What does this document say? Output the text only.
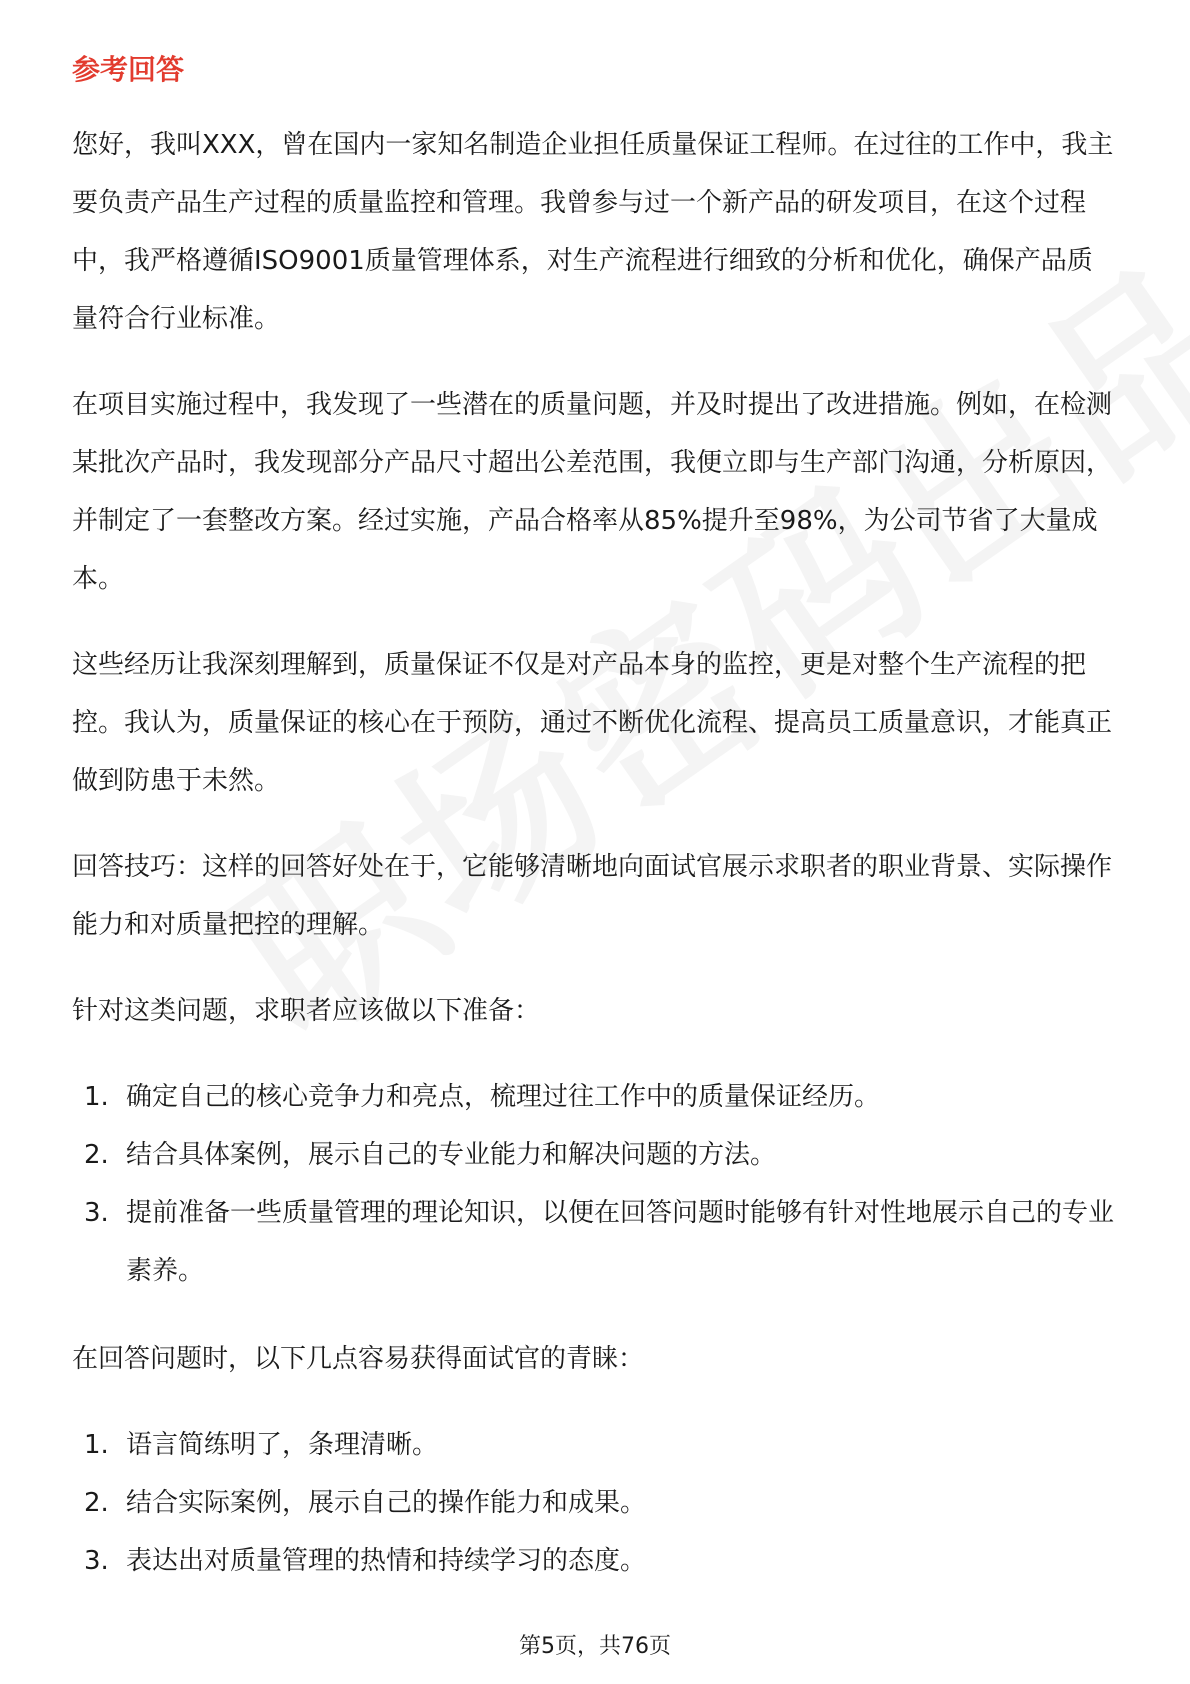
参考回答

您好，我叫XXX，曾在国内一家知名制造企业担任质量保证工程师。在过往的工作中，我主要负责产品生产过程的质量监控和管理。我曾参与过一个新产品的研发项目，在这个过程中，我严格遵循ISO9001质量管理体系，对生产流程进行细致的分析和优化，确保产品质量符合行业标准。

在项目实施过程中，我发现了一些潜在的质量问题，并及时提出了改进措施。例如，在检测某批次产品时，我发现部分产品尺寸超出公差范围，我便立即与生产部门沟通，分析原因，并制定了一套整改方案。经过实施，产品合格率从85%提升至98%，为公司节省了大量成本。

这些经历让我深刻理解到，质量保证不仅是对产品本身的监控，更是对整个生产流程的把控。我认为，质量保证的核心在于预防，通过不断优化流程、提高员工质量意识，才能真正做到防患于未然。

回答技巧：这样的回答好处在于，它能够清晰地向面试官展示求职者的职业背景、实际操作能力和对质量把控的理解。

针对这类问题，求职者应该做以下准备：

1. 确定自己的核心竞争力和亮点，梳理过往工作中的质量保证经历。
2. 结合具体案例，展示自己的专业能力和解决问题的方法。
3. 提前准备一些质量管理的理论知识，以便在回答问题时能够有针对性地展示自己的专业素养。

在回答问题时，以下几点容易获得面试官的青睐：

1. 语言简练明了，条理清晰。
2. 结合实际案例，展示自己的操作能力和成果。
3. 表达出对质量管理的热情和持续学习的态度。
第5页，共76页
